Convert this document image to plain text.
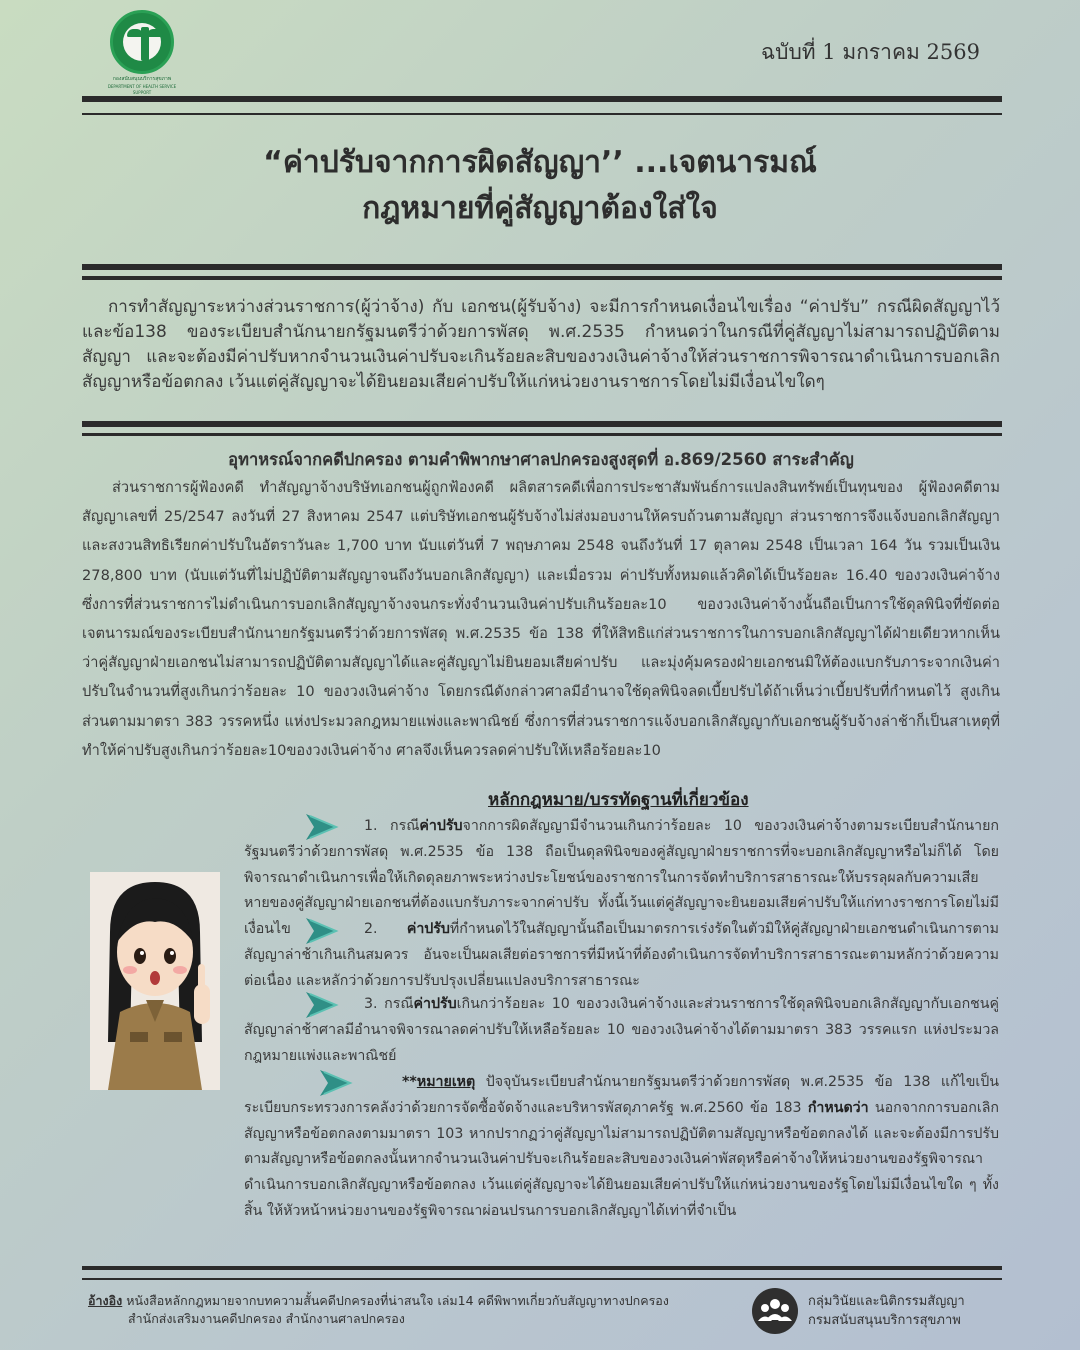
กองสนับสนุนบริการสุขภาพ
DEPARTMENT OF HEALTH SERVICE SUPPORT
ฉบับที่ 1 มกราคม 2569
“ค่าปรับจากการผิดสัญญา’’ ...เจตนารมณ์
กฎหมายที่คู่สัญญาต้องใส่ใจ
การทำสัญญาระหว่างส่วนราชการ(ผู้ว่าจ้าง) กับ เอกชน(ผู้รับจ้าง) จะมีการกำหนดเงื่อนไขเรื่อง “ค่าปรับ” กรณีผิดสัญญาไว้ และข้อ138 ของระเบียบสำนักนายกรัฐมนตรีว่าด้วยการพัสดุ พ.ศ.2535 กำหนดว่าในกรณีที่คู่สัญญาไม่สามารถปฏิบัติตามสัญญา และจะต้องมีค่าปรับหากจำนวนเงินค่าปรับจะเกินร้อยละสิบของวงเงินค่าจ้างให้ส่วนราชการพิจารณาดำเนินการบอกเลิกสัญญาหรือข้อตกลง เว้นแต่คู่สัญญาจะได้ยินยอมเสียค่าปรับให้แก่หน่วยงานราชการโดยไม่มีเงื่อนไขใดๆ
อุทาหรณ์จากคดีปกครอง ตามคำพิพากษาศาลปกครองสูงสุดที่ อ.869/2560 สาระสำคัญ
ส่วนราชการผู้ฟ้องคดี ทำสัญญาจ้างบริษัทเอกชนผู้ถูกฟ้องคดี ผลิตสารคดีเพื่อการประชาสัมพันธ์การแปลงสินทรัพย์เป็นทุนของ ผู้ฟ้องคดีตามสัญญาเลขที่ 25/2547 ลงวันที่ 27 สิงหาคม 2547 แต่บริษัทเอกชนผู้รับจ้างไม่ส่งมอบงานให้ครบถ้วนตามสัญญา ส่วนราชการจึงแจ้งบอกเลิกสัญญาและสงวนสิทธิเรียกค่าปรับในอัตราวันละ 1,700 บาท นับแต่วันที่ 7 พฤษภาคม 2548 จนถึงวันที่ 17 ตุลาคม 2548 เป็นเวลา 164 วัน รวมเป็นเงิน 278,800 บาท (นับแต่วันที่ไม่ปฏิบัติตามสัญญาจนถึงวันบอกเลิกสัญญา) และเมื่อรวม ค่าปรับทั้งหมดแล้วคิดได้เป็นร้อยละ 16.40 ของวงเงินค่าจ้าง ซึ่งการที่ส่วนราชการไม่ดำเนินการบอกเลิกสัญญาจ้างจนกระทั่งจำนวนเงินค่าปรับเกินร้อยละ10 ของวงเงินค่าจ้างนั้นถือเป็นการใช้ดุลพินิจที่ขัดต่อเจตนารมณ์ของระเบียบสำนักนายกรัฐมนตรีว่าด้วยการพัสดุ พ.ศ.2535 ข้อ 138 ที่ให้สิทธิแก่ส่วนราชการในการบอกเลิกสัญญาได้ฝ่ายเดียวหากเห็นว่าคู่สัญญาฝ่ายเอกชนไม่สามารถปฏิบัติตามสัญญาได้และคู่สัญญาไม่ยินยอมเสียค่าปรับ และมุ่งคุ้มครองฝ่ายเอกชนมิให้ต้องแบกรับภาระจากเงินค่าปรับในจำนวนที่สูงเกินกว่าร้อยละ 10 ของวงเงินค่าจ้าง โดยกรณีดังกล่าวศาลมีอำนาจใช้ดุลพินิจลดเบี้ยปรับได้ถ้าเห็นว่าเบี้ยปรับที่กำหนดไว้ สูงเกินส่วนตามมาตรา 383 วรรคหนึ่ง แห่งประมวลกฎหมายแพ่งและพาณิชย์ ซึ่งการที่ส่วนราชการแจ้งบอกเลิกสัญญากับเอกชนผู้รับจ้างล่าช้าก็เป็นสาเหตุที่ทำให้ค่าปรับสูงเกินกว่าร้อยละ10ของวงเงินค่าจ้าง ศาลจึงเห็นควรลดค่าปรับให้เหลือร้อยละ10
หลักกฎหมาย/บรรทัดฐานที่เกี่ยวข้อง
1. กรณีค่าปรับจากการผิดสัญญามีจำนวนเกินกว่าร้อยละ 10 ของวงเงินค่าจ้างตามระเบียบสำนักนายกรัฐมนตรีว่าด้วยการพัสดุ พ.ศ.2535 ข้อ 138 ถือเป็นดุลพินิจของคู่สัญญาฝ่ายราชการที่จะบอกเลิกสัญญาหรือไม่ก็ได้ โดยพิจารณาดำเนินการเพื่อให้เกิดดุลยภาพระหว่างประโยชน์ของราชการในการจัดทำบริการสาธารณะให้บรรลุผลกับความเสียหายของคู่สัญญาฝ่ายเอกชนที่ต้องแบกรับภาระจากค่าปรับ ทั้งนี้เว้นแต่คู่สัญญาจะยินยอมเสียค่าปรับให้แก่ทางราชการโดยไม่มีเงื่อนไข	2. ค่าปรับที่กำหนดไว้ในสัญญานั้นถือเป็นมาตรการเร่งรัดในตัวมิให้คู่สัญญาฝ่ายเอกชนดำเนินการตามสัญญาล่าช้าเกินเกินสมควร อันจะเป็นผลเสียต่อราชการที่มีหน้าที่ต้องดำเนินการจัดทำบริการสาธารณะตามหลักว่าด้วยความต่อเนื่อง และหลักว่าด้วยการปรับปรุงเปลี่ยนแปลงบริการสาธารณะ
3. กรณีค่าปรับเกินกว่าร้อยละ 10 ของวงเงินค่าจ้างและส่วนราชการใช้ดุลพินิจบอกเลิกสัญญากับเอกชนคู่สัญญาล่าช้าศาลมีอำนาจพิจารณาลดค่าปรับให้เหลือร้อยละ 10 ของวงเงินค่าจ้างได้ตามมาตรา 383 วรรคแรก แห่งประมวลกฎหมายแพ่งและพาณิชย์
**หมายเหตุ ปัจจุบันระเบียบสำนักนายกรัฐมนตรีว่าด้วยการพัสดุ พ.ศ.2535 ข้อ 138 แก้ไขเป็น ระเบียบกระทรวงการคลังว่าด้วยการจัดซื้อจัดจ้างและบริหารพัสดุภาครัฐ พ.ศ.2560 ข้อ 183 กำหนดว่า นอกจากการบอกเลิกสัญญาหรือข้อตกลงตามมาตรา 103 หากปรากฏว่าคู่สัญญาไม่สามารถปฏิบัติตามสัญญาหรือข้อตกลงได้ และจะต้องมีการปรับตามสัญญาหรือข้อตกลงนั้นหากจำนวนเงินค่าปรับจะเกินร้อยละสิบของวงเงินค่าพัสดุหรือค่าจ้างให้หน่วยงานของรัฐพิจารณาดำเนินการบอกเลิกสัญญาหรือข้อตกลง เว้นแต่คู่สัญญาจะได้ยินยอมเสียค่าปรับให้แก่หน่วยงานของรัฐโดยไม่มีเงื่อนไขใด ๆ ทั้งสิ้น ให้หัวหน้าหน่วยงานของรัฐพิจารณาผ่อนปรนการบอกเลิกสัญญาได้เท่าที่จำเป็น
อ้างอิง หนังสือหลักกฎหมายจากบทความสั้นคดีปกครองที่น่าสนใจ เล่ม14 คดีพิพาทเกี่ยวกับสัญญาทางปกครอง
สำนักส่งเสริมงานคดีปกครอง สำนักงานศาลปกครอง
กลุ่มวินัยและนิติกรรมสัญญา
กรมสนับสนุนบริการสุขภาพ
